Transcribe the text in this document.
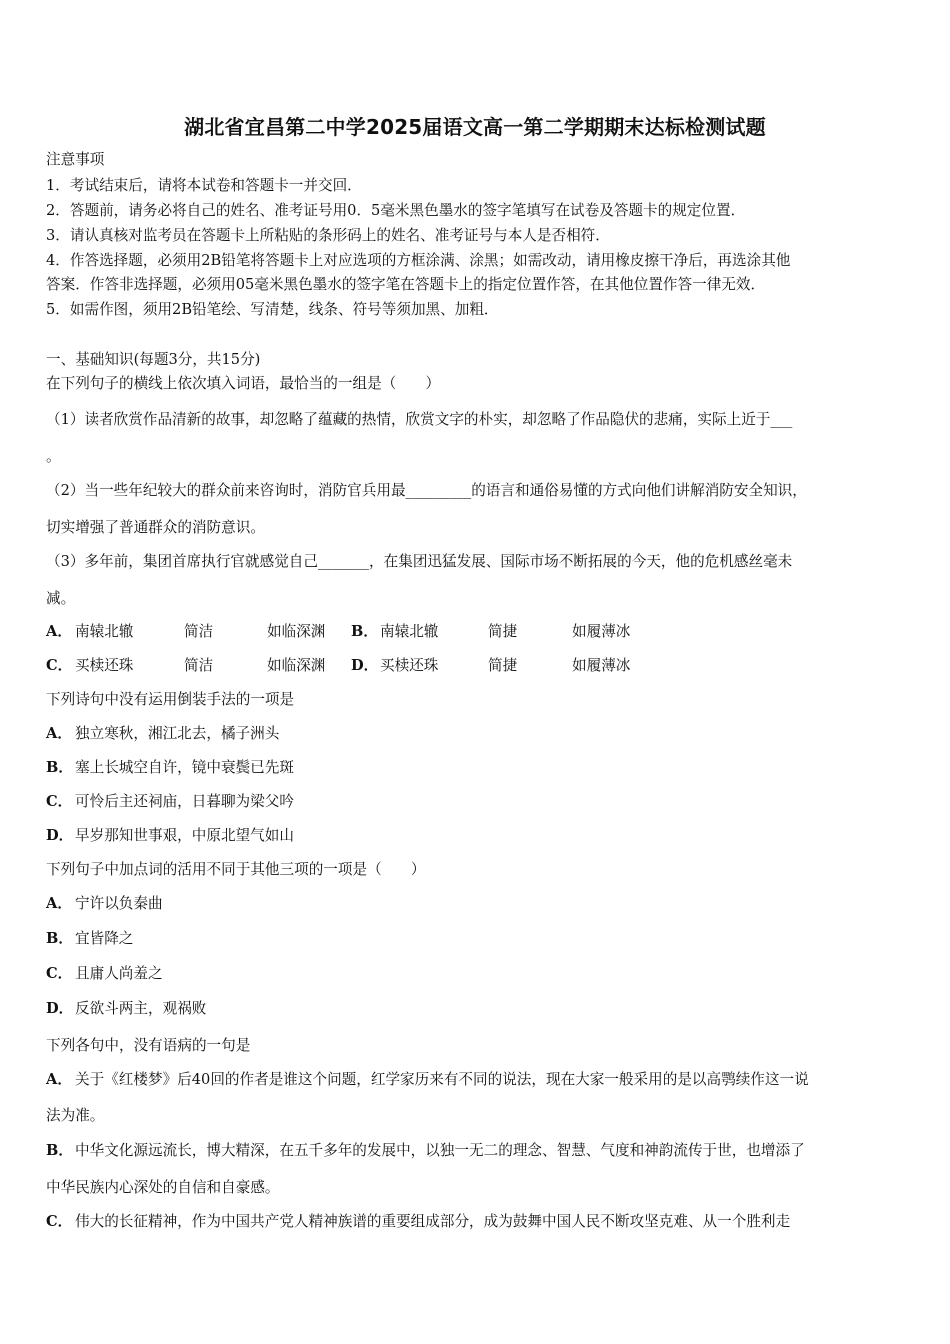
湖北省宜昌第二中学2025届语文高一第二学期期末达标检测试题
注意事项
1．考试结束后，请将本试卷和答题卡一并交回．
2．答题前，请务必将自己的姓名、准考证号用0．5毫米黑色墨水的签字笔填写在试卷及答题卡的规定位置．
3．请认真核对监考员在答题卡上所粘贴的条形码上的姓名、准考证号与本人是否相符．
4．作答选择题，必须用2B铅笔将答题卡上对应选项的方框涂满、涂黑；如需改动，请用橡皮擦干净后，再选涂其他
答案．作答非选择题，必须用05毫米黑色墨水的签字笔在答题卡上的指定位置作答，在其他位置作答一律无效．
5．如需作图，须用2B铅笔绘、写清楚，线条、符号等须加黑、加粗．
一、基础知识(每题3分，共15分)
在下列句子的横线上依次填入词语，最恰当的一组是（　　）
（1）读者欣赏作品清新的故事，却忽略了蕴藏的热情，欣赏文字的朴实，却忽略了作品隐伏的悲痛，实际上近于___
。
（2）当一些年纪较大的群众前来咨询时，消防官兵用最_________的语言和通俗易懂的方式向他们讲解消防安全知识，
切实增强了普通群众的消防意识。
（3）多年前，集团首席执行官就感觉自己_______，在集团迅猛发展、国际市场不断拓展的今天，他的危机感丝毫未
减。
A． 南辕北辙	简洁	如临深渊 B． 南辕北辙	简捷	如履薄冰
C． 买椟还珠	简洁	如临深渊 D． 买椟还珠	简捷	如履薄冰
下列诗句中没有运用倒装手法的一项是
A． 独立寒秋，湘江北去，橘子洲头
B． 塞上长城空自许，镜中衰鬓已先斑
C． 可怜后主还祠庙，日暮聊为梁父吟
D． 早岁那知世事艰，中原北望气如山
下列句子中加点词的活用不同于其他三项的一项是（　　）
A． 宁许以负秦曲
B． 宜皆降之
C． 且庸人尚羞之
D． 反欲斗两主，观祸败
下列各句中，没有语病的一句是
A． 关于《红楼梦》后40回的作者是谁这个问题，红学家历来有不同的说法，现在大家一般采用的是以高鹗续作这一说
法为准。
B． 中华文化源远流长，博大精深，在五千多年的发展中，以独一无二的理念、智慧、气度和神韵流传于世，也增添了
中华民族内心深处的自信和自豪感。
C． 伟大的长征精神，作为中国共产党人精神族谱的重要组成部分，成为鼓舞中国人民不断攻坚克难、从一个胜利走
